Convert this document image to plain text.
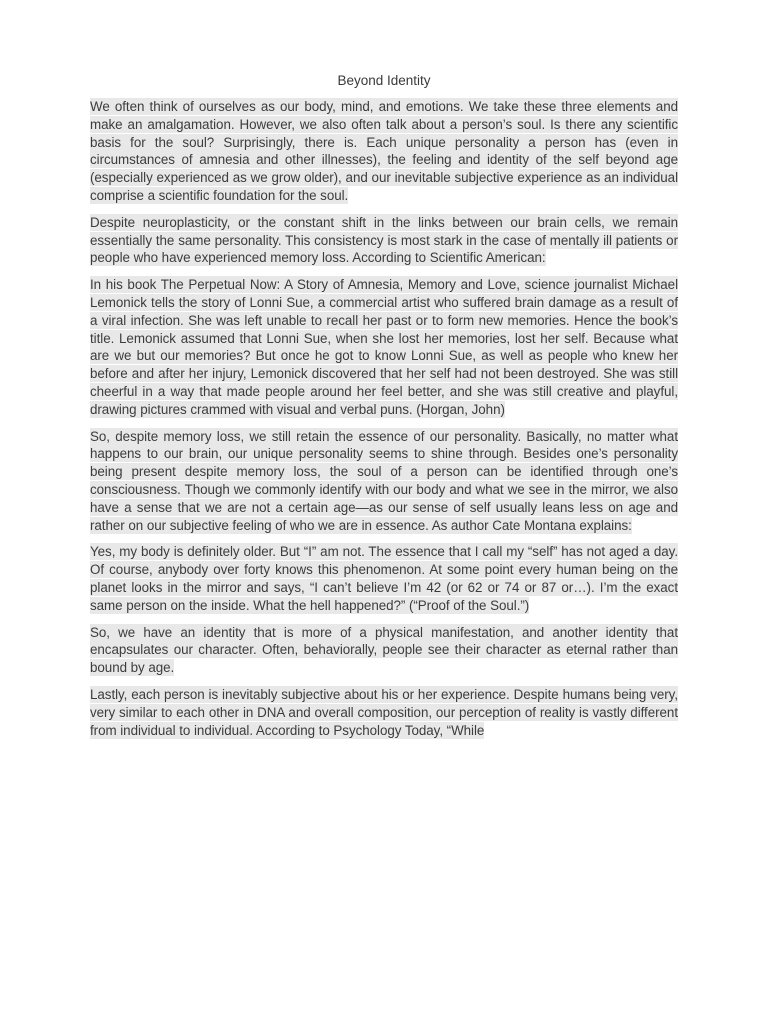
Beyond Identity

We often think of ourselves as our body, mind, and emotions. We take these three elements and make an amalgamation. However, we also often talk about a person’s soul. Is there any scientific basis for the soul? Surprisingly, there is. Each unique personality a person has (even in circumstances of amnesia and other illnesses), the feeling and identity of the self beyond age (especially experienced as we grow older), and our inevitable subjective experience as an individual comprise a scientific foundation for the soul.

Despite neuroplasticity, or the constant shift in the links between our brain cells, we remain essentially the same personality. This consistency is most stark in the case of mentally ill patients or people who have experienced memory loss. According to Scientific American:

In his book The Perpetual Now: A Story of Amnesia, Memory and Love, science journalist Michael Lemonick tells the story of Lonni Sue, a commercial artist who suffered brain damage as a result of a viral infection. She was left unable to recall her past or to form new memories. Hence the book’s title. Lemonick assumed that Lonni Sue, when she lost her memories, lost her self. Because what are we but our memories? But once he got to know Lonni Sue, as well as people who knew her before and after her injury, Lemonick discovered that her self had not been destroyed. She was still cheerful in a way that made people around her feel better, and she was still creative and playful, drawing pictures crammed with visual and verbal puns. (Horgan, John)

So, despite memory loss, we still retain the essence of our personality. Basically, no matter what happens to our brain, our unique personality seems to shine through. Besides one’s personality being present despite memory loss, the soul of a person can be identified through one’s consciousness. Though we commonly identify with our body and what we see in the mirror, we also have a sense that we are not a certain age—as our sense of self usually leans less on age and rather on our subjective feeling of who we are in essence. As author Cate Montana explains:

Yes, my body is definitely older. But “I” am not. The essence that I call my “self” has not aged a day. Of course, anybody over forty knows this phenomenon. At some point every human being on the planet looks in the mirror and says, “I can’t believe I’m 42 (or 62 or 74 or 87 or…). I’m the exact same person on the inside. What the hell happened?” (“Proof of the Soul.”)

So, we have an identity that is more of a physical manifestation, and another identity that encapsulates our character. Often, behaviorally, people see their character as eternal rather than bound by age.

Lastly, each person is inevitably subjective about his or her experience. Despite humans being very, very similar to each other in DNA and overall composition, our perception of reality is vastly different from individual to individual. According to Psychology Today, “While
